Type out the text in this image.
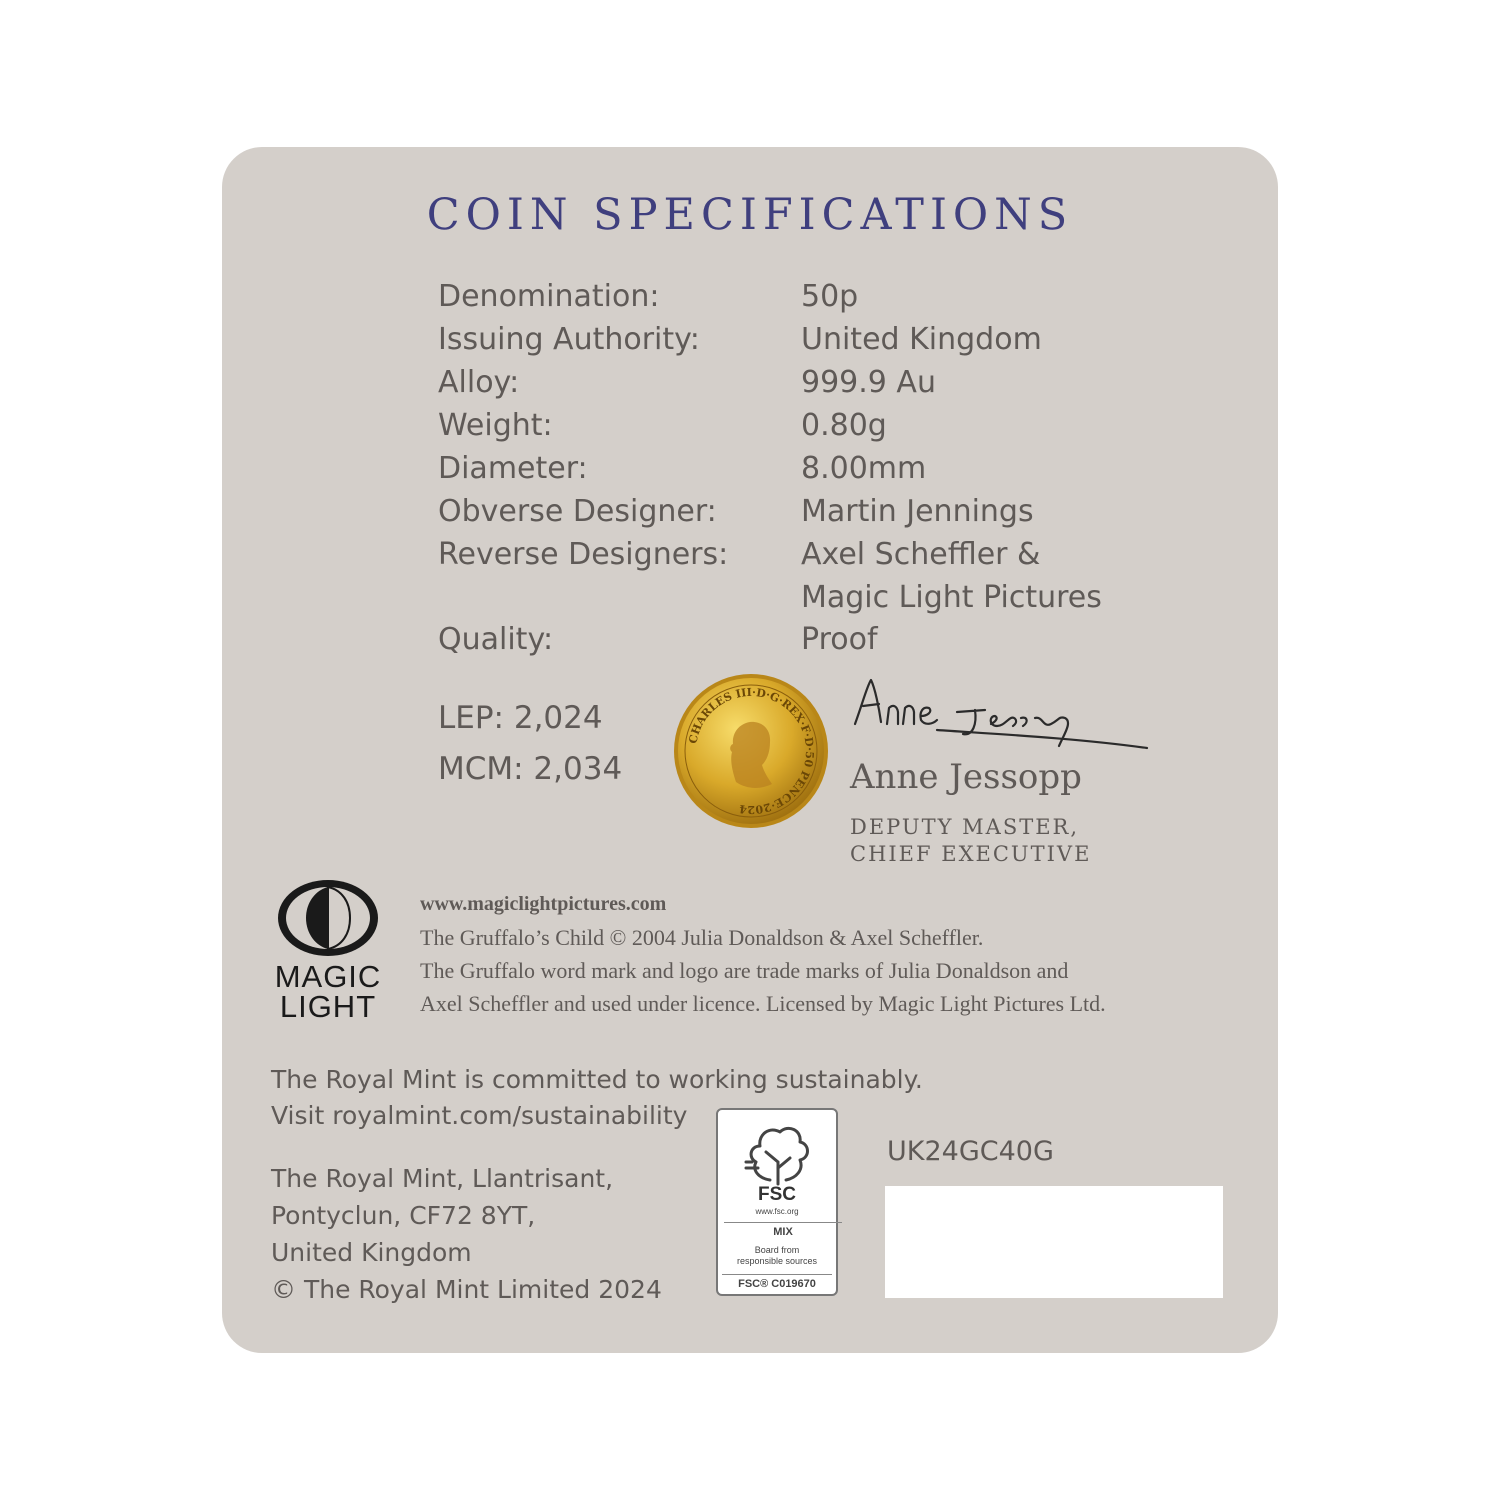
COIN SPECIFICATIONS
Denomination:	50p
Issuing Authority:	United Kingdom
Alloy:	999.9 Au
Weight:	0.80g
Diameter:	8.00mm
Obverse Designer:	Martin Jennings
Reverse Designers: Axel Scheffler &
Magic Light Pictures
Quality:	Proof
LEP: 2,024
MCM: 2,034
CHARLES III·D·G·REX·F·D·50 PENCE·2024
Anne Jessopp
DEPUTY MASTER,
CHIEF EXECUTIVE
MAGIC
LIGHT
www.magiclightpictures.com
The Gruffalo’s Child © 2004 Julia Donaldson & Axel Scheffler.
The Gruffalo word mark and logo are trade marks of Julia Donaldson and
Axel Scheffler and used under licence. Licensed by Magic Light Pictures Ltd.
The Royal Mint is committed to working sustainably.
Visit royalmint.com/sustainability
The Royal Mint, Llantrisant,
Pontyclun, CF72 8YT,
United Kingdom
© The Royal Mint Limited 2024
FSC
www.fsc.org
MIX
Board from
responsible sources
FSC® C019670
UK24GC40G
